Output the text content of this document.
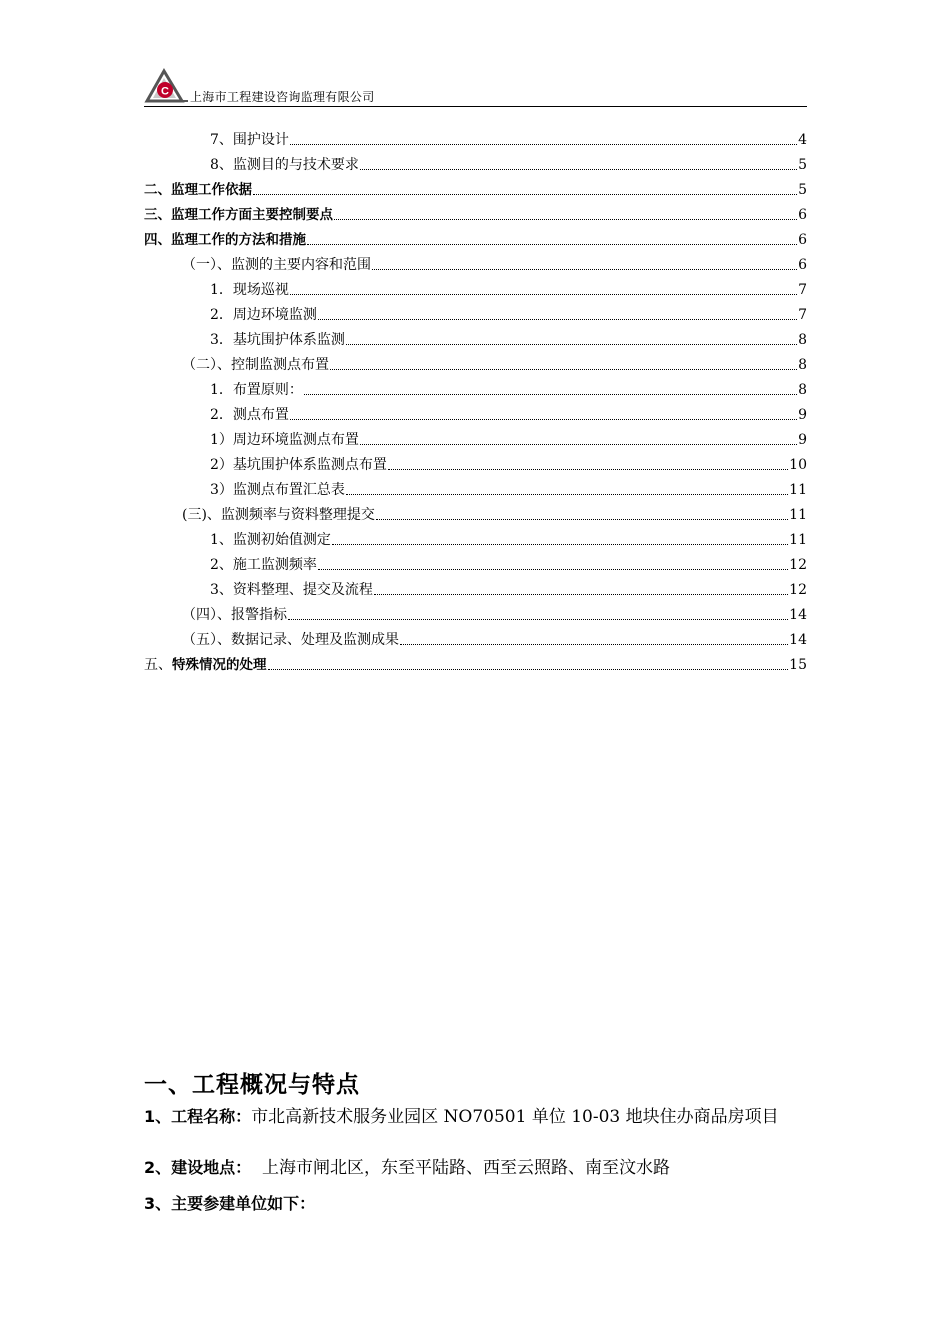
C 上海市工程建设咨询监理有限公司
7、围护设计	4
8、监测目的与技术要求	5
二、监理工作依据	5
三、监理工作方面主要控制要点	6
四、监理工作的方法和措施	6
（一）、监测的主要内容和范围	6
1．现场巡视	7
2．周边环境监测	7
3．基坑围护体系监测	8
（二）、控制监测点布置	8
1．布置原则：	8
2．测点布置	9
1）周边环境监测点布置	9
2）基坑围护体系监测点布置	10
3）监测点布置汇总表	11
(三)、监测频率与资料整理提交	11
1、监测初始值测定	11
2、施工监测频率	12
3、资料整理、提交及流程	12
（四）、报警指标	14
（五）、数据记录、处理及监测成果	14
五、特殊情况的处理	15
一、工程概况与特点
1、工程名称：市北高新技术服务业园区 NO70501 单位 10-03 地块住办商品房项目
2、建设地点：  上海市闸北区，东至平陆路、西至云照路、南至汶水路
3、主要参建单位如下：
